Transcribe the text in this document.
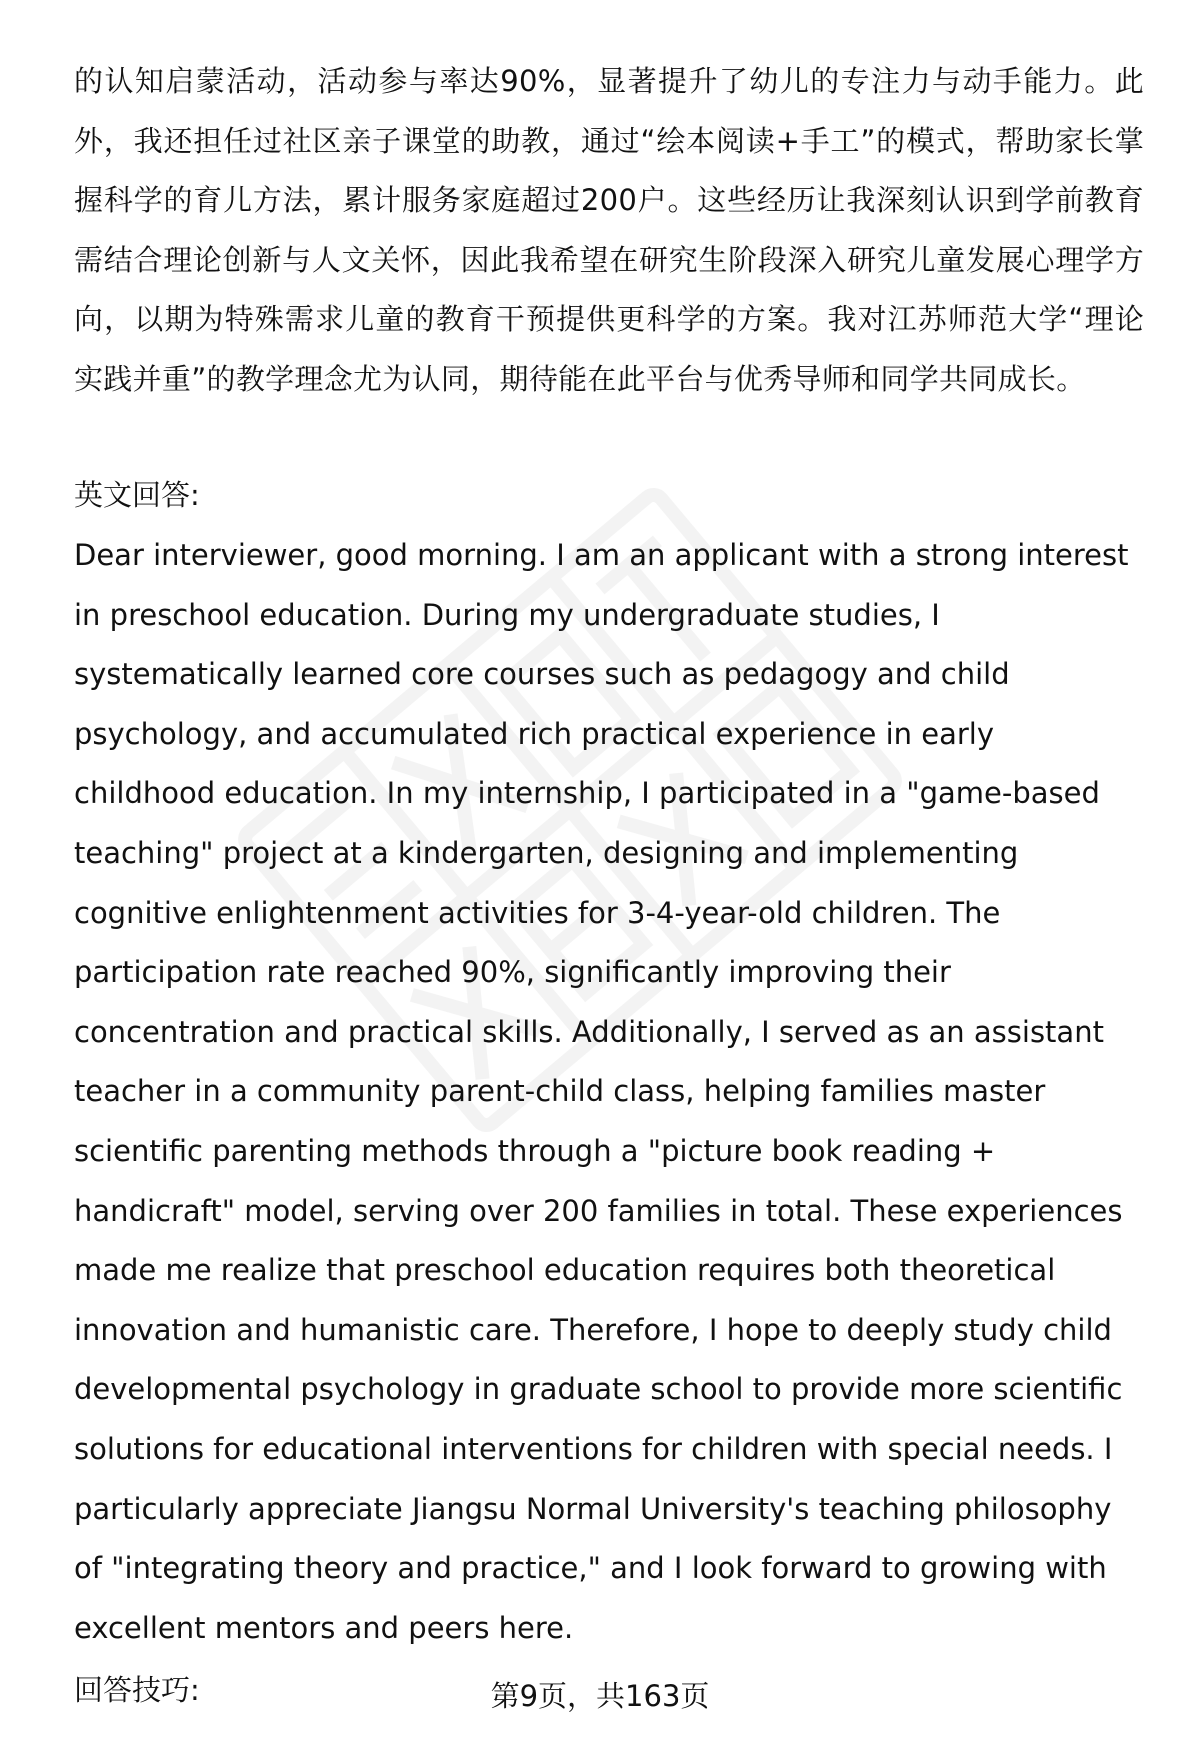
的认知启蒙活动，活动参与率达90%，显著提升了幼儿的专注力与动手能力。此外，我还担任过社区亲子课堂的助教，通过“绘本阅读+手工”的模式，帮助家长掌握科学的育儿方法，累计服务家庭超过200户。这些经历让我深刻认识到学前教育需结合理论创新与人文关怀，因此我希望在研究生阶段深入研究儿童发展心理学方向，以期为特殊需求儿童的教育干预提供更科学的方案。我对江苏师范大学“理论实践并重”的教学理念尤为认同，期待能在此平台与优秀导师和同学共同成长。

英文回答:

Dear interviewer, good morning. I am an applicant with a strong interest in preschool education. During my undergraduate studies, I systematically learned core courses such as pedagogy and child psychology, and accumulated rich practical experience in early childhood education. In my internship, I participated in a "game-based teaching" project at a kindergarten, designing and implementing cognitive enlightenment activities for 3-4-year-old children. The participation rate reached 90%, significantly improving their concentration and practical skills. Additionally, I served as an assistant teacher in a community parent-child class, helping families master scientific parenting methods through a "picture book reading + handicraft" model, serving over 200 families in total. These experiences made me realize that preschool education requires both theoretical innovation and humanistic care. Therefore, I hope to deeply study child developmental psychology in graduate school to provide more scientific solutions for educational interventions for children with special needs. I particularly appreciate Jiangsu Normal University's teaching philosophy of "integrating theory and practice," and I look forward to growing with excellent mentors and peers here.

回答技巧:	第9页，共163页
